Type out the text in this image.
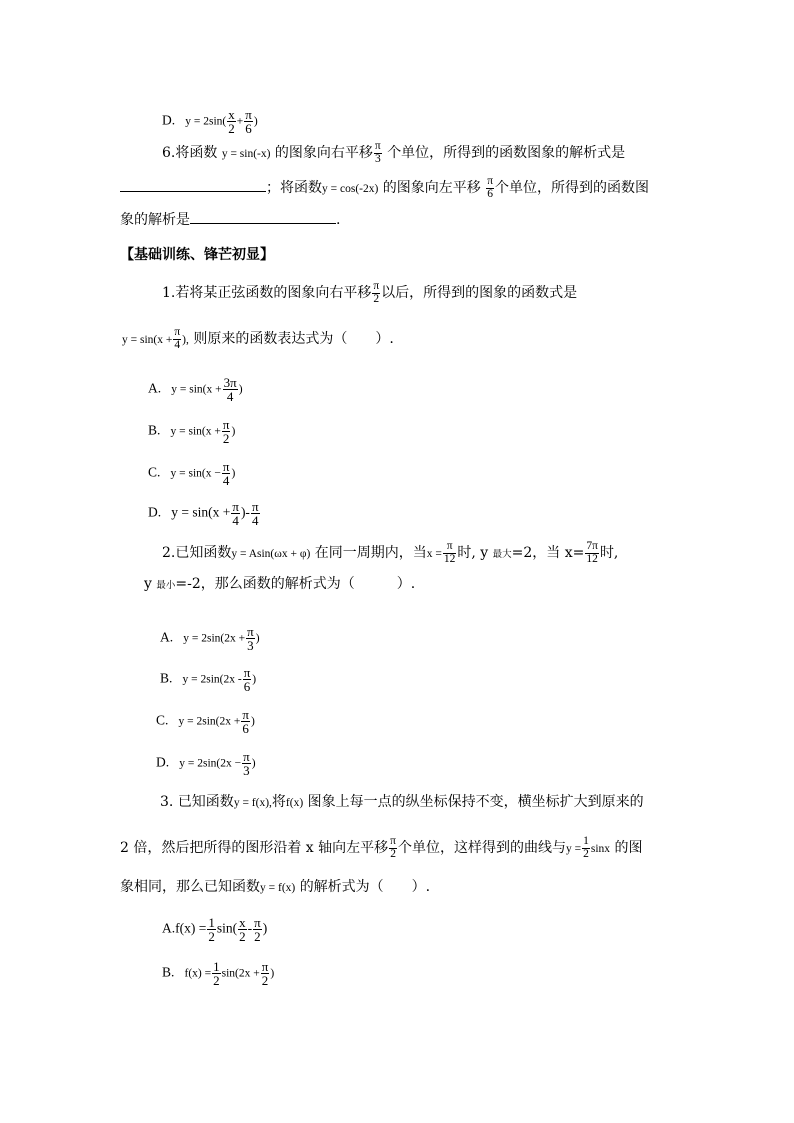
D. $y = 2\sin( \frac{x}{2} + \frac{\pi}{6}$ )
6.将函数 y = sin(-x) 的图象向右平移 $\frac{\pi}{3}$ 个单位，所得到的函数图象的解析式是
；将函数y = cos(-2x) 的图象向左平移 $\frac{\pi}{6}$ 个单位，所得到的函数图
象的解析是	.
【基础训练、锋芒初显】
1.若将某正弦函数的图象向右平移 $\frac{\pi}{2}$ 以后，所得到的图象的函数式是
$y = \sin(x + \frac{\pi}{4}$ ), 则原来的函数表达式为（　　）.
A. $y = \sin(x + \frac{3\pi}{4}$ )
B. $y = \sin(x + \frac{\pi}{2}$ )
C. $y = \sin(x - \frac{\pi}{4}$ )
D. $y = \sin(x + \frac{\pi}{4}$ )- $\frac{\pi}{4}$
2.已知函数y = Asin(ωx + φ) 在同一周期内，当$x = \frac{\pi}{12}$ 时, y 最大=2，当 $x= \frac{7\pi}{12}$ 时,
y 最小=-2，那么函数的解析式为（　　　）.
A. $y = 2\sin(2x + \frac{\pi}{3}$ )
B. $y = 2\sin(2x - \frac{\pi}{6}$ )
C. $y = 2\sin(2x + \frac{\pi}{6}$ )
D. $y = 2\sin(2x - \frac{\pi}{3}$ )
3. 已知函数y = f(x),将f(x) 图象上每一点的纵坐标保持不变，横坐标扩大到原来的
2 倍，然后把所得的图形沿着 x 轴向左平移 $\frac{\pi}{2}$ 个单位，这样得到的曲线与$y = \frac{1}{2}$ sinx 的图
象相同，那么已知函数y = f(x) 的解析式为（　　）.
$A.f(x) = \frac{1}{2} \sin( \frac{x}{2} - \frac{\pi}{2}$ )
B. $f(x) = \frac{1}{2} \sin(2x + \frac{\pi}{2}$ )
